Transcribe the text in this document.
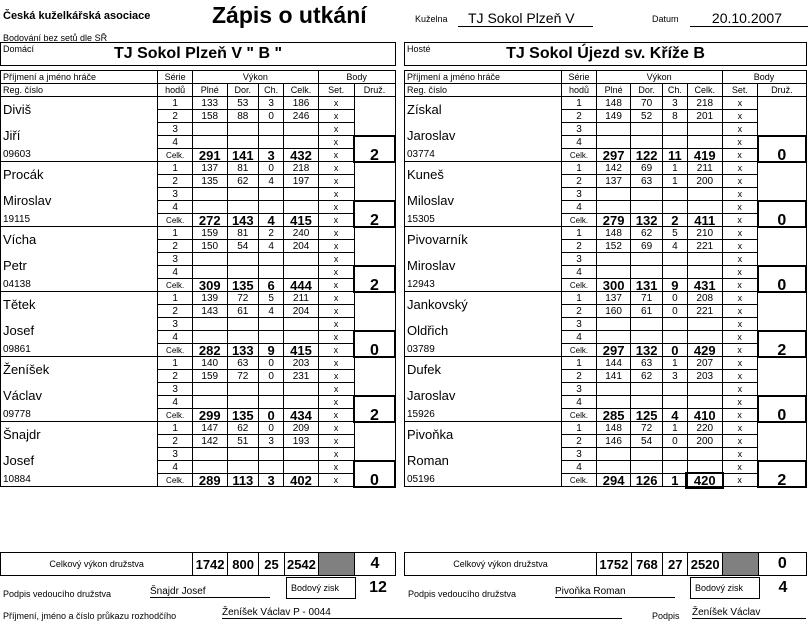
Česká kuželkářská asociace	Zápis o utkání
Bodování bez setů dle SŘ
Kuželna	TJ Sokol Plzeň V	Datum	20.10.2007
Domácí	TJ Sokol Plzeň V " B "	Hosté	TJ Sokol Újezd sv. Kříže B
Příjmení a jméno hráče	Série	Výkon				Body	
Reg. číslo	hodů	Plné	Dor.	Ch.	Celk.	Set.	Druž.
Diviš	1	133	53	3	186	x	
	2	158	88	0	246	x	
Jiří	3					x	
	4					x	2
09603	Celk.	291	141	3	432	x	
Procák	1	137	81	0	218	x	
	2	135	62	4	197	x	
Miroslav	3					x	
	4					x	2
19115	Celk.	272	143	4	415	x	
Vícha	1	159	81	2	240	x	
	2	150	54	4	204	x	
Petr	3					x	
	4					x	2
04138	Celk.	309	135	6	444	x	
Tětek	1	139	72	5	211	x	
	2	143	61	4	204	x	
Josef	3					x	
	4					x	0
09861	Celk.	282	133	9	415	x	
Ženíšek	1	140	63	0	203	x	
	2	159	72	0	231	x	
Václav	3					x	
	4					x	2
09778	Celk.	299	135	0	434	x	
Šnajdr	1	147	62	0	209	x	
	2	142	51	3	193	x	
Josef	3					x	
	4					x	0
10884	Celk.	289	113	3	402	x	
Příjmení a jméno hráče	Série	Výkon				Body	
Reg. číslo	hodů	Plné	Dor.	Ch.	Celk.	Set.	Druž.
Získal	1	148	70	3	218	x	
	2	149	52	8	201	x	
Jaroslav	3					x	
	4					x	0
03774	Celk.	297	122	11	419	x	
Kuneš	1	142	69	1	211	x	
	2	137	63	1	200	x	
Miloslav	3					x	
	4					x	0
15305	Celk.	279	132	2	411	x	
Pivovarník	1	148	62	5	210	x	
	2	152	69	4	221	x	
Miroslav	3					x	
	4					x	0
12943	Celk.	300	131	9	431	x	
Jankovský	1	137	71	0	208	x	
	2	160	61	0	221	x	
Oldřich	3					x	
	4					x	2
03789	Celk.	297	132	0	429	x	
Dufek	1	144	63	1	207	x	
	2	141	62	3	203	x	
Jaroslav	3					x	
	4					x	0
15926	Celk.	285	125	4	410	x	
Pivoňka	1	148	72	1	220	x	
	2	146	54	0	200	x	
Roman	3					x	
	4					x	2
05196	Celk.	294	126	1	420	x	
Celkový výkon družstva	1742	800	25	2542		4	Celkový výkon družstva	1752	768	27	2520		0
Podpis vedoucího družstva	Šnajdr Josef	Bodový zisk	12	Podpis vedoucího družstva	Pivoňka Roman	Bodový zisk	4
Příjmení, jméno a číslo průkazu rozhodčího	Ženíšek Václav P - 0044	Podpis Ženíšek Václav
